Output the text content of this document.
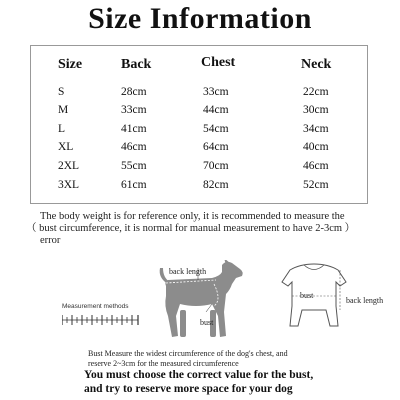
Size Information
Size	Back	Chest	Neck
S	28cm	33cm	22cm
M	33cm	44cm	30cm
L	41cm	54cm	34cm
XL	46cm	64cm	40cm
2XL	55cm	70cm	46cm
3XL	61cm	82cm	52cm
The body weight is for reference only, it is recommended to measure the
（ bust circumference, it is normal for manual measurement to have 2-3cm ）
error
Measurement methods
back length
bust
bust
back length
Bust Measure the widest circumference of the dog's chest, and
reserve 2~3cm for the measured circumference
You must choose the correct value for the bust,
and try to reserve more space for your dog
